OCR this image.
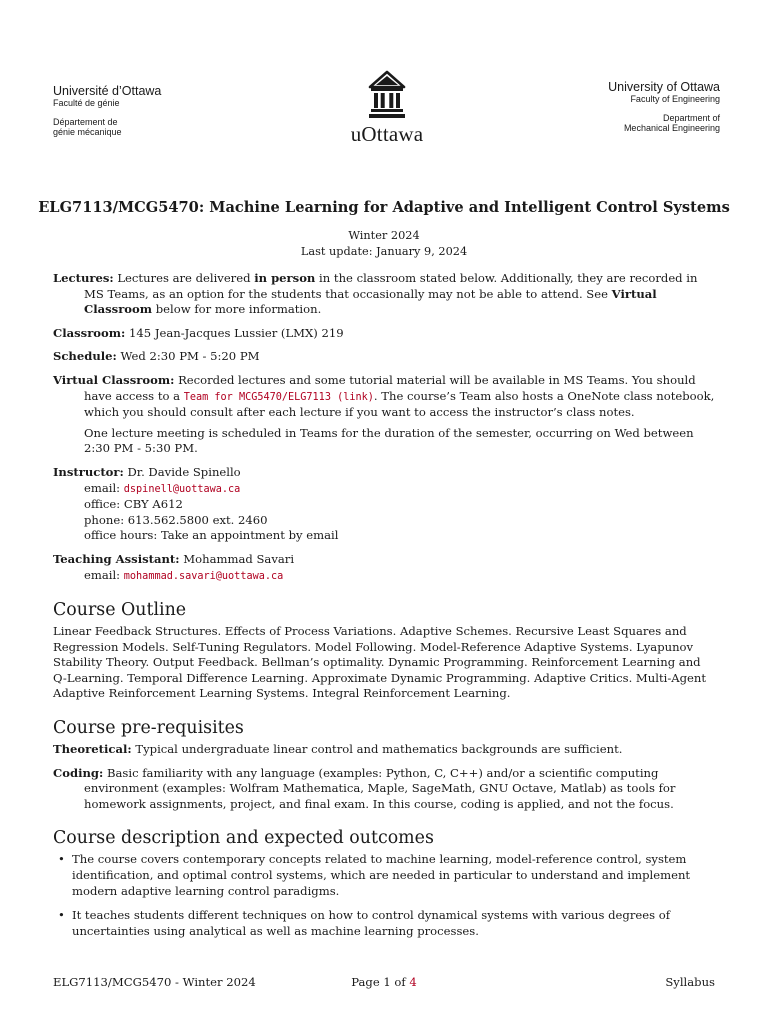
Université d’Ottawa
Faculté de génie
Département de
génie mécanique	uOttawa
University of Ottawa
Faculty of Engineering
Department of
Mechanical Engineering
ELG7113/MCG5470: Machine Learning for Adaptive and Intelligent Control Systems
Winter 2024
Last update: January 9, 2024
Lectures: Lectures are delivered in person in the classroom stated below. Additionally, they are recorded in MS Teams, as an option for the students that occasionally may not be able to attend. See Virtual Classroom below for more information.
Classroom: 145 Jean-Jacques Lussier (LMX) 219
Schedule: Wed 2:30 PM - 5:20 PM
Virtual Classroom: Recorded lectures and some tutorial material will be available in MS Teams. You should have access to a Team for MCG5470/ELG7113 (link). The course’s Team also hosts a OneNote class notebook, which you should consult after each lecture if you want to access the instructor’s class notes.
One lecture meeting is scheduled in Teams for the duration of the semester, occurring on Wed between 2:30 PM - 5:30 PM.
Instructor: Dr. Davide Spinello
email: dspinell@uottawa.ca
office: CBY A612
phone: 613.562.5800 ext. 2460
office hours: Take an appointment by email
Teaching Assistant: Mohammad Savari
email: mohammad.savari@uottawa.ca
Course Outline
Linear Feedback Structures. Effects of Process Variations. Adaptive Schemes. Recursive Least Squares and Regression Models. Self-Tuning Regulators. Model Following. Model-Reference Adaptive Systems. Lyapunov Stability Theory. Output Feedback. Bellman’s optimality. Dynamic Programming. Reinforcement Learning and Q-Learning. Temporal Difference Learning. Approximate Dynamic Programming. Adaptive Critics. Multi-Agent Adaptive Reinforcement Learning Systems. Integral Reinforcement Learning.
Course pre-requisites
Theoretical: Typical undergraduate linear control and mathematics backgrounds are sufficient.
Coding: Basic familiarity with any language (examples: Python, C, C++) and/or a scientific computing environment (examples: Wolfram Mathematica, Maple, SageMath, GNU Octave, Matlab) as tools for homework assignments, project, and final exam. In this course, coding is applied, and not the focus.
Course description and expected outcomes
• The course covers contemporary concepts related to machine learning, model-reference control, system identification, and optimal control systems, which are needed in particular to understand and implement modern adaptive learning control paradigms.
• It teaches students different techniques on how to control dynamical systems with various degrees of uncertainties using analytical as well as machine learning processes.
ELG7113/MCG5470 - Winter 2024	Page 1 of 4	Syllabus
